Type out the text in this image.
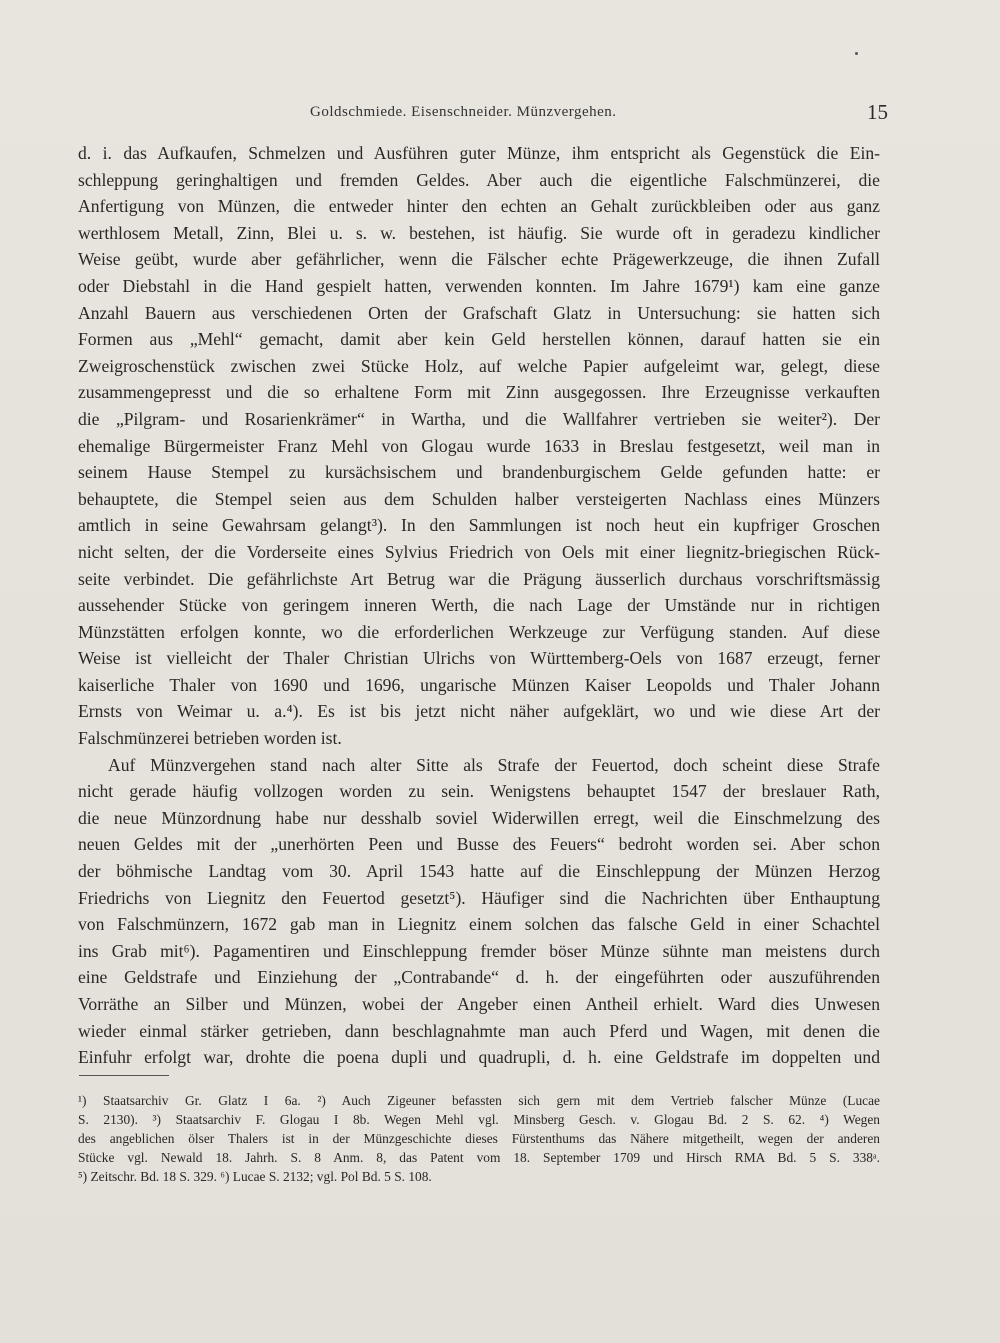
Goldschmiede. Eisenschneider. Münzvergehen.	15
d. i. das Aufkaufen, Schmelzen und Ausführen guter Münze, ihm entspricht als Gegenstück die Ein-
schleppung geringhaltigen und fremden Geldes. Aber auch die eigentliche Falschmünzerei, die
Anfertigung von Münzen, die entweder hinter den echten an Gehalt zurückbleiben oder aus ganz
werthlosem Metall, Zinn, Blei u. s. w. bestehen, ist häufig. Sie wurde oft in geradezu kindlicher
Weise geübt, wurde aber gefährlicher, wenn die Fälscher echte Prägewerkzeuge, die ihnen Zufall
oder Diebstahl in die Hand gespielt hatten, verwenden konnten. Im Jahre 1679¹) kam eine ganze
Anzahl Bauern aus verschiedenen Orten der Grafschaft Glatz in Untersuchung: sie hatten sich
Formen aus „Mehl“ gemacht, damit aber kein Geld herstellen können, darauf hatten sie ein
Zweigroschenstück zwischen zwei Stücke Holz, auf welche Papier aufgeleimt war, gelegt, diese
zusammengepresst und die so erhaltene Form mit Zinn ausgegossen. Ihre Erzeugnisse verkauften
die „Pilgram- und Rosarienkrämer“ in Wartha, und die Wallfahrer vertrieben sie weiter²). Der
ehemalige Bürgermeister Franz Mehl von Glogau wurde 1633 in Breslau festgesetzt, weil man in
seinem Hause Stempel zu kursächsischem und brandenburgischem Gelde gefunden hatte: er
behauptete, die Stempel seien aus dem Schulden halber versteigerten Nachlass eines Münzers
amtlich in seine Gewahrsam gelangt³). In den Sammlungen ist noch heut ein kupfriger Groschen
nicht selten, der die Vorderseite eines Sylvius Friedrich von Oels mit einer liegnitz-briegischen Rück-
seite verbindet. Die gefährlichste Art Betrug war die Prägung äusserlich durchaus vorschriftsmässig
aussehender Stücke von geringem inneren Werth, die nach Lage der Umstände nur in richtigen
Münzstätten erfolgen konnte, wo die erforderlichen Werkzeuge zur Verfügung standen. Auf diese
Weise ist vielleicht der Thaler Christian Ulrichs von Württemberg-Oels von 1687 erzeugt, ferner
kaiserliche Thaler von 1690 und 1696, ungarische Münzen Kaiser Leopolds und Thaler Johann
Ernsts von Weimar u. a.⁴). Es ist bis jetzt nicht näher aufgeklärt, wo und wie diese Art der
Falschmünzerei betrieben worden ist.
Auf Münzvergehen stand nach alter Sitte als Strafe der Feuertod, doch scheint diese Strafe
nicht gerade häufig vollzogen worden zu sein. Wenigstens behauptet 1547 der breslauer Rath,
die neue Münzordnung habe nur desshalb soviel Widerwillen erregt, weil die Einschmelzung des
neuen Geldes mit der „unerhörten Peen und Busse des Feuers“ bedroht worden sei. Aber schon
der böhmische Landtag vom 30. April 1543 hatte auf die Einschleppung der Münzen Herzog
Friedrichs von Liegnitz den Feuertod gesetzt⁵). Häufiger sind die Nachrichten über Enthauptung
von Falschmünzern, 1672 gab man in Liegnitz einem solchen das falsche Geld in einer Schachtel
ins Grab mit⁶). Pagamentiren und Einschleppung fremder böser Münze sühnte man meistens durch
eine Geldstrafe und Einziehung der „Contrabande“ d. h. der eingeführten oder auszuführenden
Vorräthe an Silber und Münzen, wobei der Angeber einen Antheil erhielt. Ward dies Unwesen
wieder einmal stärker getrieben, dann beschlagnahmte man auch Pferd und Wagen, mit denen die
Einfuhr erfolgt war, drohte die poena dupli und quadrupli, d. h. eine Geldstrafe im doppelten und
¹) Staatsarchiv Gr. Glatz I 6a. ²) Auch Zigeuner befassten sich gern mit dem Vertrieb falscher Münze (Lucae
S. 2130). ³) Staatsarchiv F. Glogau I 8b. Wegen Mehl vgl. Minsberg Gesch. v. Glogau Bd. 2 S. 62. ⁴) Wegen
des angeblichen ölser Thalers ist in der Münzgeschichte dieses Fürstenthums das Nähere mitgetheilt, wegen der anderen
Stücke vgl. Newald 18. Jahrh. S. 8 Anm. 8, das Patent vom 18. September 1709 und Hirsch RMA Bd. 5 S. 338ᵃ.
⁵) Zeitschr. Bd. 18 S. 329. ⁶) Lucae S. 2132; vgl. Pol Bd. 5 S. 108.
